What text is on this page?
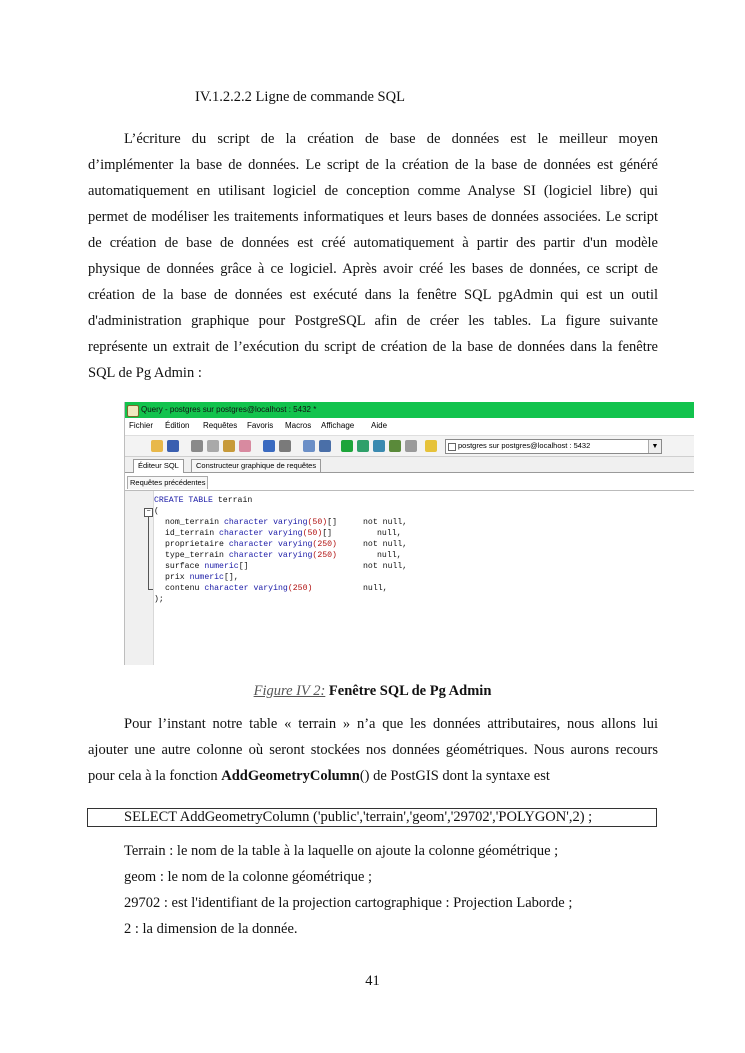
IV.1.2.2.2 Ligne de commande SQL
L’écriture du script de la création de base de données est le meilleur moyen
d’implémenter la base de données. Le script de la création de la base de données est généré
automatiquement en utilisant logiciel de conception comme Analyse SI (logiciel libre) qui
permet de modéliser les traitements informatiques et leurs bases de données associées. Le script
de création de base de données est créé automatiquement à partir des partir d'un modèle
physique de données grâce à ce logiciel. Après avoir créé les bases de données, ce script de
création de la base de données est exécuté dans la fenêtre SQL pgAdmin qui est un outil
d'administration graphique pour PostgreSQL afin de créer les tables. La figure suivante
représente un extrait de l’exécution du script de création de la base de données dans la fenêtre
SQL de Pg Admin :
Query - postgres sur postgres@localhost : 5432 *
Fichier Édition Requêtes Favoris Macros Affichage Aide
postgres sur postgres@localhost : 5432	▼
Éditeur SQL	Constructeur graphique de requêtes
Requêtes précédentes
−
CREATE TABLE terrain
(
nom_terrain character varying(50)[]	not null,
id_terrain character varying(50)[]	null,
proprietaire character varying(250)	not null,
type_terrain character varying(250)	null,
surface numeric[]	not null,
prix numeric[],
contenu character varying(250)	null,
);
Figure IV 2: Fenêtre SQL de Pg Admin
Pour l’instant notre table « terrain » n’a que les données attributaires, nous allons lui
ajouter une autre colonne où seront stockées nos données géométriques. Nous aurons recours
pour cela à la fonction AddGeometryColumn() de PostGIS dont la syntaxe est
SELECT AddGeometryColumn ('public','terrain','geom','29702','POLYGON',2) ;
Terrain : le nom de la table à la laquelle on ajoute la colonne géométrique ;
geom : le nom de la colonne géométrique ;
29702 : est l'identifiant de la projection cartographique : Projection Laborde ;
2 : la dimension de la donnée.
41
